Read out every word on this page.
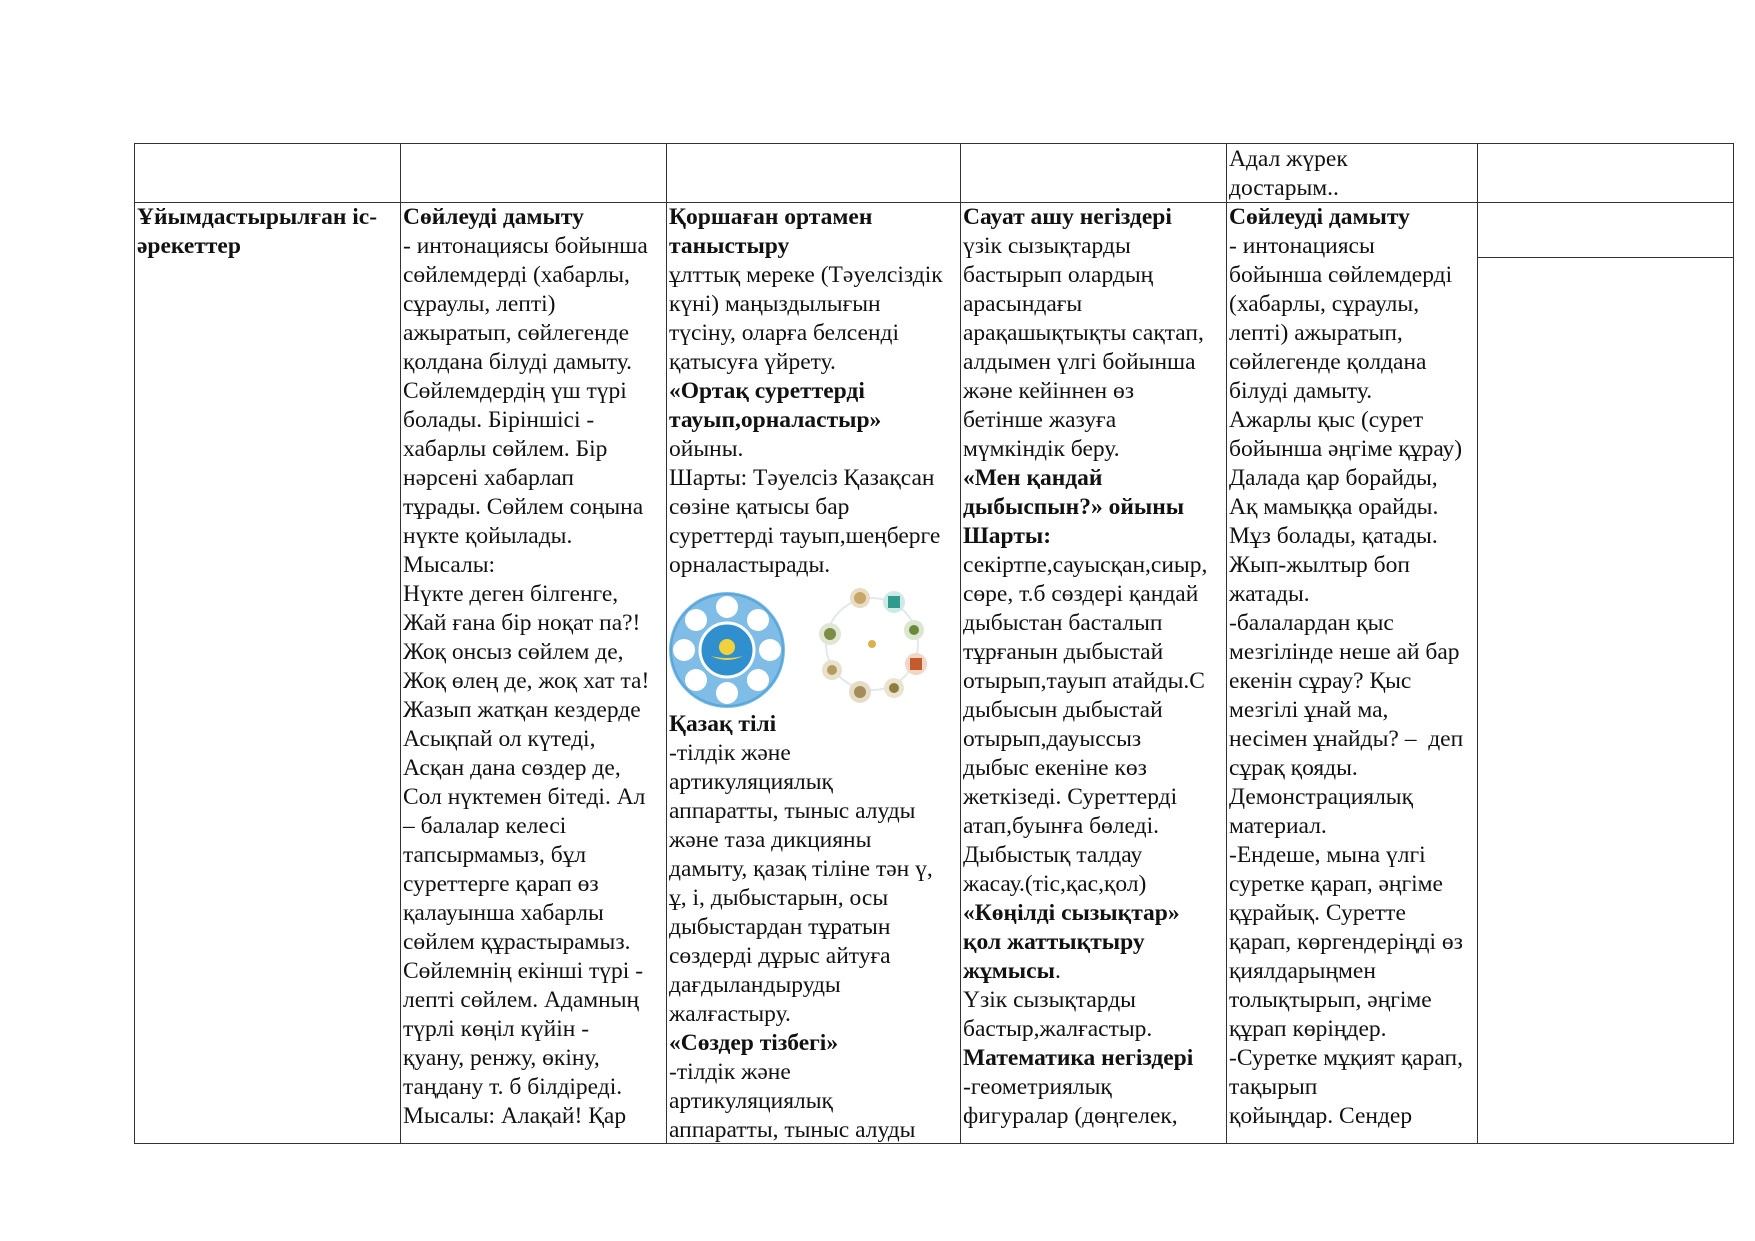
Адал жүрек
достарым..
Ұйымдастырылған іс-
әрекеттер
Сөйлеуді дамыту
- интонациясы бойынша
сөйлемдерді (хабарлы,
сұраулы, лепті)
ажыратып, сөйлегенде
қолдана білуді дамыту.
Сөйлемдердің үш түрі
болады. Біріншісі -
хабарлы сөйлем. Бір
нәрсені хабарлап
тұрады. Сөйлем соңына
нүкте қойылады.
Мысалы:
Нүкте деген білгенге,
Жай ғана бір ноқат па?!
Жоқ онсыз сөйлем де,
Жоқ өлең де, жоқ хат та!
Жазып жатқан кездерде
Асықпай ол күтеді,
Асқан дана сөздер де,
Сол нүктемен бітеді. Ал
– балалар келесі
тапсырмамыз, бұл
суреттерге қарап өз
қалауынша хабарлы
сөйлем құрастырамыз.
Сөйлемнің екінші түрі -
лепті сөйлем. Адамның
түрлі көңіл күйін -
қуану, ренжу, өкіну,
таңдану т. б білдіреді.
Мысалы: Алақай! Қар
Қоршаған ортамен
таныстыру
ұлттық мереке (Тәуелсіздік
күні) маңыздылығын
түсіну, оларға белсенді
қатысуға үйрету.
«Ортақ суреттерді
тауып,орналастыр»
ойыны.
Шарты: Тәуелсіз Қазақсан
сөзіне қатысы бар
суреттерді тауып,шеңберге
орналастырады.
Қазақ тілі
-тілдік және
артикуляциялық
аппаратты, тыныс алуды
және таза дикцияны
дамыту, қазақ тіліне тән ү,
ұ, і, дыбыстарын, осы
дыбыстардан тұратын
сөздерді дұрыс айтуға
дағдыландыруды
жалғастыру.
«Сөздер тізбегі»
-тілдік және
артикуляциялық
аппаратты, тыныс алуды
Сауат ашу негіздері
үзік сызықтарды
бастырып олардың
арасындағы
арақашықтықты сақтап,
алдымен үлгі бойынша
және кейіннен өз
бетінше жазуға
мүмкіндік беру.
«Мен қандай
дыбыспын?» ойыны
Шарты:
секіртпе,сауысқан,сиыр,
сөре, т.б сөздері қандай
дыбыстан басталып
тұрғанын дыбыстай
отырып,тауып атайды.С
дыбысын дыбыстай
отырып,дауыссыз
дыбыс екеніне көз
жеткізеді. Суреттерді
атап,буынға бөледі.
Дыбыстық талдау
жасау.(тіс,қас,қол)
«Көңілді сызықтар»
қол жаттықтыру
жұмысы.
Үзік сызықтарды
бастыр,жалғастыр.
Математика негіздері
-геометриялық
фигуралар (дөңгелек,
Сөйлеуді дамыту
- интонациясы
бойынша сөйлемдерді
(хабарлы, сұраулы,
лепті) ажыратып,
сөйлегенде қолдана
білуді дамыту.
Ажарлы қыс (сурет
бойынша әңгіме құрау)
Далада қар борайды,
Ақ мамыққа орайды.
Мұз болады, қатады.
Жып-жылтыр боп
жатады.
-балалардан қыс
мезгілінде неше ай бар
екенін сұрау? Қыс
мезгілі ұнай ма,
несімен ұнайды? –  деп
сұрақ қояды.
Демонстрациялық
материал.
-Ендеше, мына үлгі
суретке қарап, әңгіме
құрайық. Суретте
қарап, көргендеріңді өз
қиялдарыңмен
толықтырып, әңгіме
құрап көріңдер.
-Суретке мұқият қарап,
тақырып
қойыңдар. Сендер
